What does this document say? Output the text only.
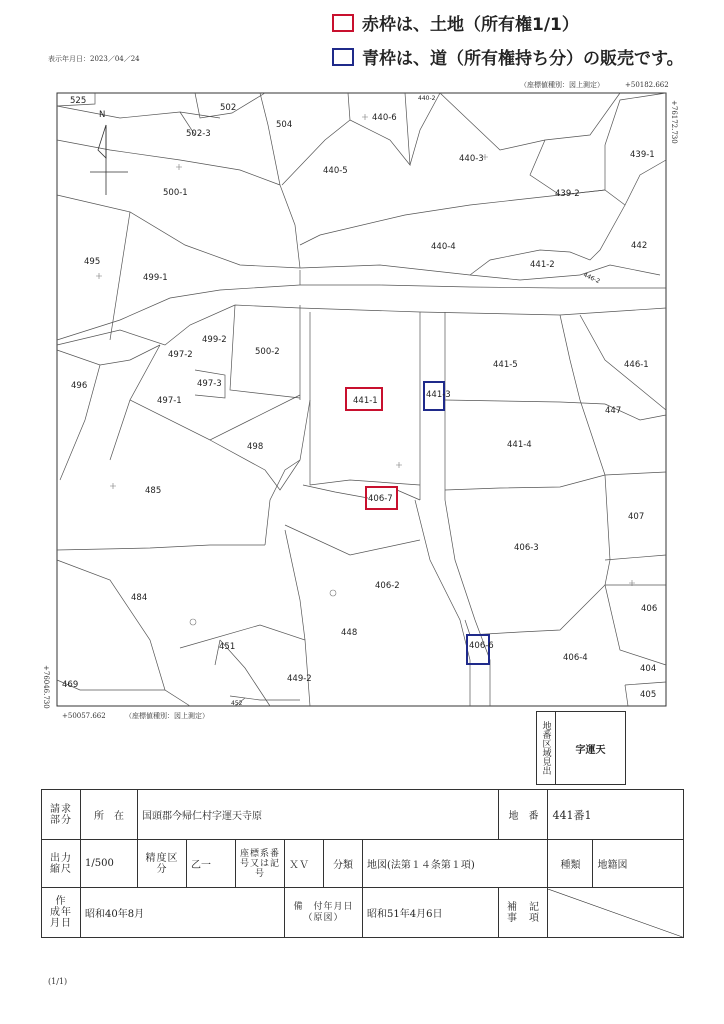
赤枠は、土地（所有権1/1）
青枠は、道（所有権持ち分）の販売です。
表示年月日：2023／04／24
（座標値種別：図上測定）	+50182.662
+76172.730
+76046.730
+50057.662	（座標値種別：図上測定）
N
525
502
504
440-6
440-2
502-3
440-5
440-3	439-1
500-1	439-2
440-4	442
495
499-1
441-2
446-2
499-2
497-2	500-2
441-5	446-1
496	497-3
441-1
441-3
497-1
447
498	441-4
485
406-7
407
406-3
484
406-2
406
448
451	406-6
406-4
404
469
449-2
405
452
地番区域見出	字運天
請求部分	所　在	国頭郡今帰仁村字運天寺原						地　番	441番1	
出力縮尺	1/500	精度区分	乙一	座標系番号又は記号	ＸＶ	分類	地図(法第１４条第１項)		種類	地籍図
作　成年月日	昭和40年8月				備　付年月日（原図）		昭和51年4月6日	補　記事　項	
(1/1)
